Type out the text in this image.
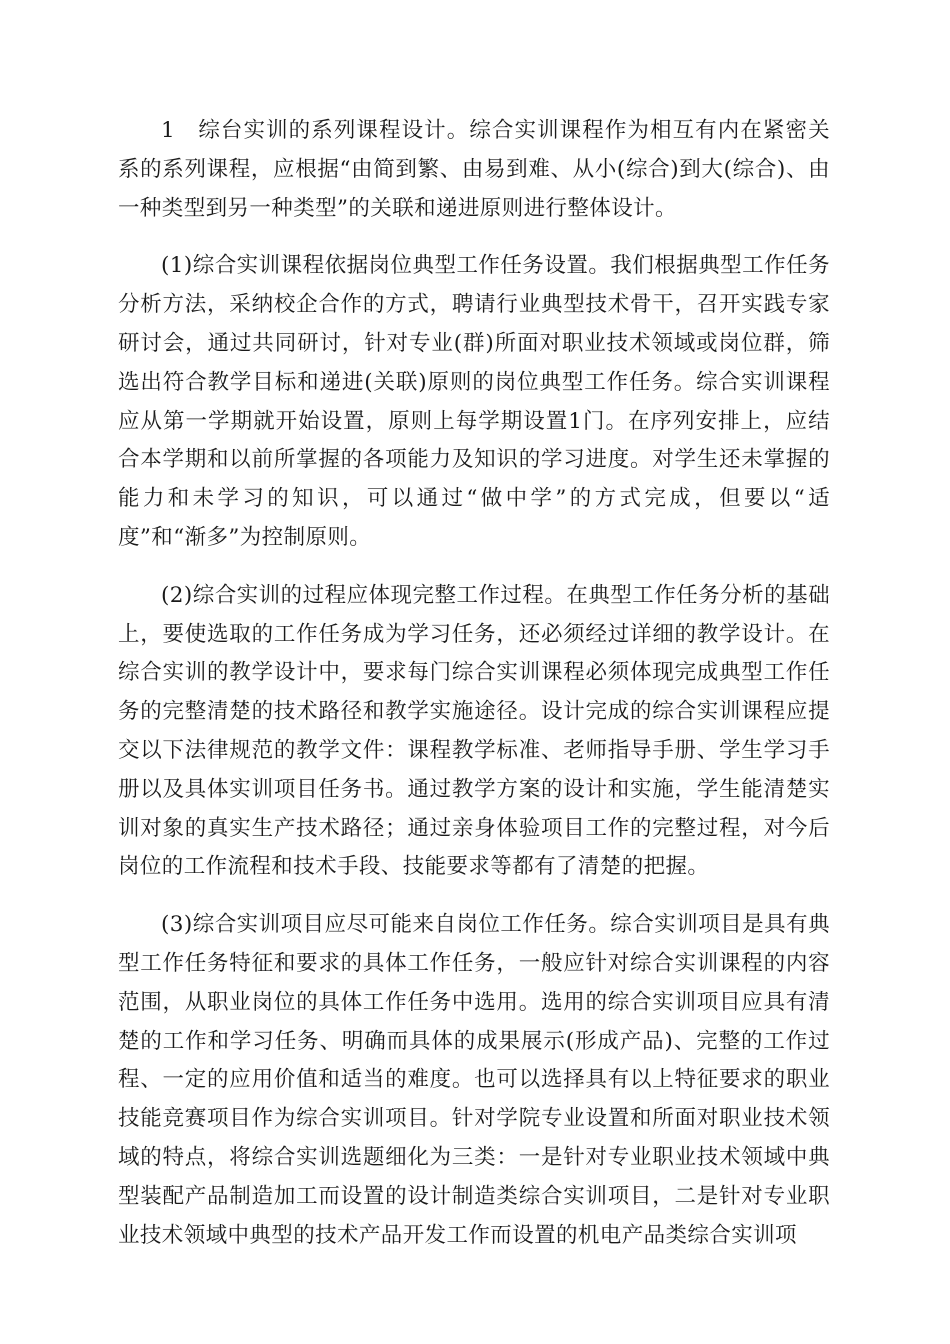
1　综台实训的系列课程设计。综合实训课程作为相互有内在紧密关系的系列课程，应根据“由简到繁、由易到难、从小(综合)到大(综合)、由一种类型到另一种类型”的关联和递进原则进行整体设计。

(1)综合实训课程依据岗位典型工作任务设置。我们根据典型工作任务分析方法，采纳校企合作的方式，聘请行业典型技术骨干，召开实践专家研讨会，通过共同研讨，针对专业(群)所面对职业技术领域或岗位群，筛选出符合教学目标和递进(关联)原则的岗位典型工作任务。综合实训课程应从第一学期就开始设置，原则上每学期设置1门。在序列安排上，应结合本学期和以前所掌握的各项能力及知识的学习进度。对学生还未掌握的能力和未学习的知识，可以通过“做中学”的方式完成，但要以“适度”和“渐多”为控制原则。

(2)综合实训的过程应体现完整工作过程。在典型工作任务分析的基础上，要使选取的工作任务成为学习任务，还必须经过详细的教学设计。在综合实训的教学设计中，要求每门综合实训课程必须体现完成典型工作任务的完整清楚的技术路径和教学实施途径。设计完成的综合实训课程应提交以下法律规范的教学文件：课程教学标准、老师指导手册、学生学习手册以及具体实训项目任务书。通过教学方案的设计和实施，学生能清楚实训对象的真实生产技术路径；通过亲身体验项目工作的完整过程，对今后岗位的工作流程和技术手段、技能要求等都有了清楚的把握。

(3)综合实训项目应尽可能来自岗位工作任务。综合实训项目是具有典型工作任务特征和要求的具体工作任务，一般应针对综合实训课程的内容范围，从职业岗位的具体工作任务中选用。选用的综合实训项目应具有清楚的工作和学习任务、明确而具体的成果展示(形成产品)、完整的工作过程、一定的应用价值和适当的难度。也可以选择具有以上特征要求的职业技能竞赛项目作为综合实训项目。针对学院专业设置和所面对职业技术领域的特点，将综合实训选题细化为三类：一是针对专业职业技术领域中典型装配产品制造加工而设置的设计制造类综合实训项目，二是针对专业职业技术领域中典型的技术产品开发工作而设置的机电产品类综合实训项
